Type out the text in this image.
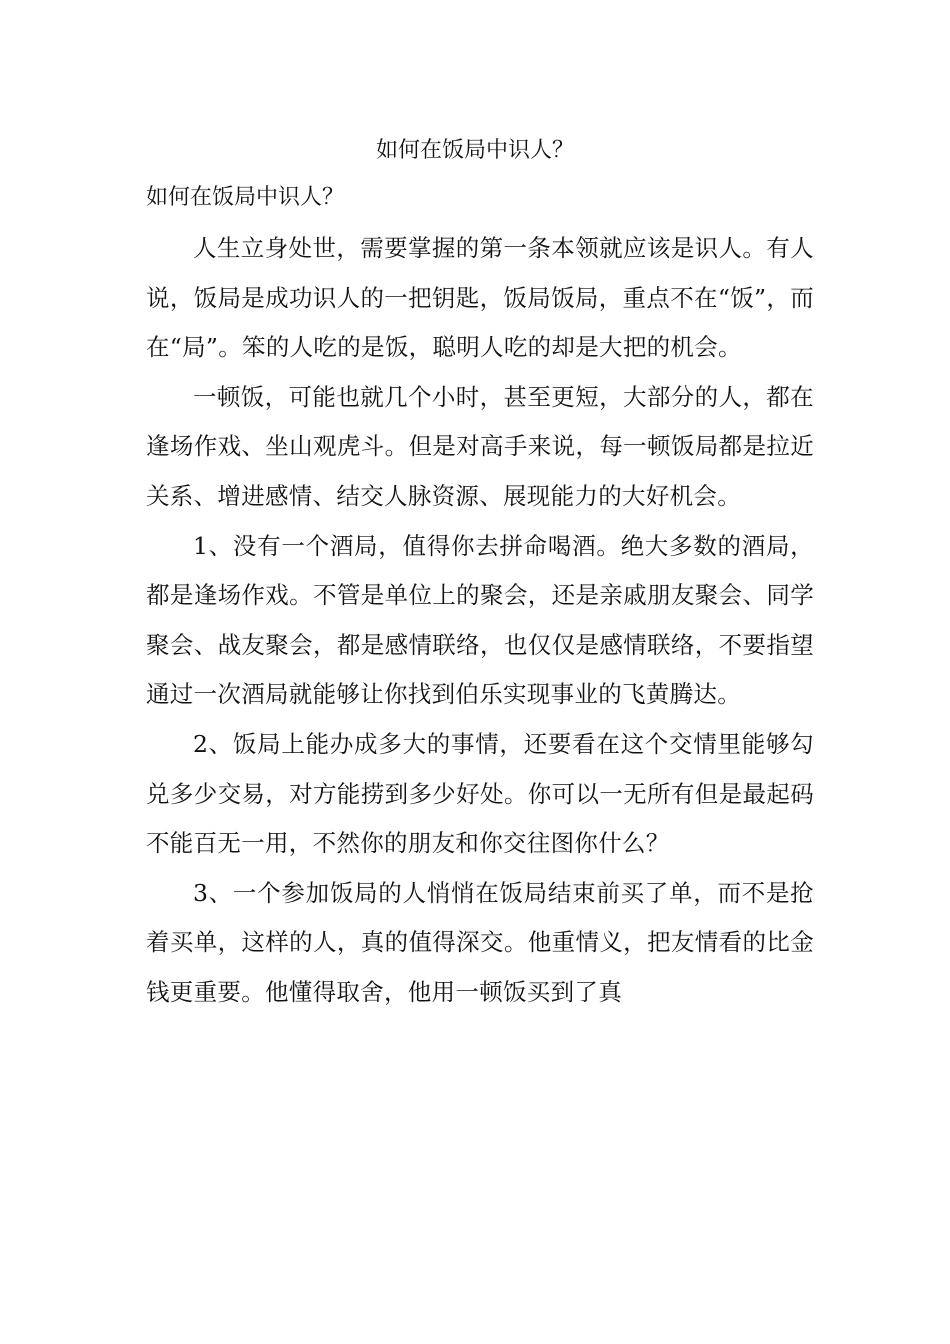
如何在饭局中识人？

如何在饭局中识人？

人生立身处世，需要掌握的第一条本领就应该是识人。有人说，饭局是成功识人的一把钥匙，饭局饭局，重点不在“饭”，而在“局”。笨的人吃的是饭，聪明人吃的却是大把的机会。

一顿饭，可能也就几个小时，甚至更短，大部分的人，都在逢场作戏、坐山观虎斗。但是对高手来说，每一顿饭局都是拉近关系、增进感情、结交人脉资源、展现能力的大好机会。

1、没有一个酒局，值得你去拼命喝酒。绝大多数的酒局，都是逢场作戏。不管是单位上的聚会，还是亲戚朋友聚会、同学聚会、战友聚会，都是感情联络，也仅仅是感情联络，不要指望通过一次酒局就能够让你找到伯乐实现事业的飞黄腾达。

2、饭局上能办成多大的事情，还要看在这个交情里能够勾兑多少交易，对方能捞到多少好处。你可以一无所有但是最起码不能百无一用，不然你的朋友和你交往图你什么？

3、一个参加饭局的人悄悄在饭局结束前买了单，而不是抢着买单，这样的人，真的值得深交。他重情义，把友情看的比金钱更重要。他懂得取舍，他用一顿饭买到了真
